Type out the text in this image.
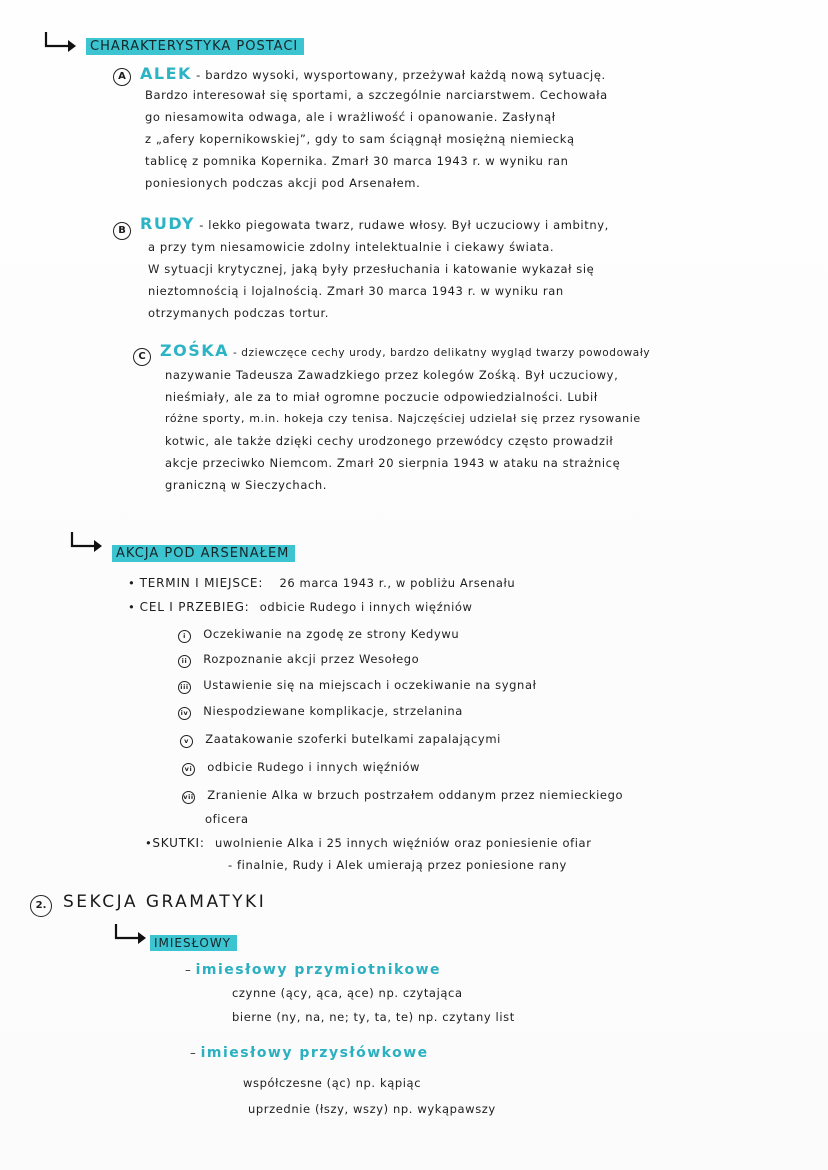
CHARAKTERYSTYKA POSTACI
A ALEK - bardzo wysoki, wysportowany, przeżywał każdą nową sytuację.
Bardzo interesował się sportami, a szczególnie narciarstwem. Cechowała
go niesamowita odwaga, ale i wrażliwość i opanowanie. Zasłynął
z „afery kopernikowskiej”, gdy to sam ściągnął mosiężną niemiecką
tablicę z pomnika Kopernika. Zmarł 30 marca 1943 r. w wyniku ran
poniesionych podczas akcji pod Arsenałem.
B RUDY - lekko piegowata twarz, rudawe włosy. Był uczuciowy i ambitny,
a przy tym niesamowicie zdolny intelektualnie i ciekawy świata.
W sytuacji krytycznej, jaką były przesłuchania i katowanie wykazał się
nieztomnością i lojalnością. Zmarł 30 marca 1943 r. w wyniku ran
otrzymanych podczas tortur.
C ZOŚKA - dziewczęce cechy urody, bardzo delikatny wygląd twarzy powodowały
nazywanie Tadeusza Zawadzkiego przez kolegów Zośką. Był uczuciowy,
nieśmiały, ale za to miał ogromne poczucie odpowiedzialności. Lubił
różne sporty, m.in. hokeja czy tenisa. Najczęściej udzielał się przez rysowanie
kotwic, ale także dzięki cechy urodzonego przewódcy często prowadził
akcje przeciwko Niemcom. Zmarł 20 sierpnia 1943 w ataku na strażnicę
graniczną w Sieczychach.
AKCJA POD ARSENAŁEM
• TERMIN I MIEJSCE: 26 marca 1943 r., w pobliżu Arsenału
• CEL I PRZEBIEG: odbicie Rudego i innych więźniów
i Oczekiwanie na zgodę ze strony Kedywu
ii Rozpoznanie akcji przez Wesołego
iii Ustawienie się na miejscach i oczekiwanie na sygnał
iv Niespodziewane komplikacje, strzelanina
v Zaatakowanie szoferki butelkami zapalającymi
vi odbicie Rudego i innych więźniów
vii Zranienie Alka w brzuch postrzałem oddanym przez niemieckiego
oficera
•SKUTKI: uwolnienie Alka i 25 innych więźniów oraz poniesienie ofiar
- finalnie, Rudy i Alek umierają przez poniesione rany
2. SEKCJA GRAMATYKI
IMIESŁOWY
– imiesłowy przymiotnikowe
czynne (ący, ąca, ące) np. czytająca
bierne (ny, na, ne; ty, ta, te) np. czytany list
– imiesłowy przysłówkowe
współczesne (ąc) np. kąpiąc
uprzednie (łszy, wszy) np. wykąpawszy
